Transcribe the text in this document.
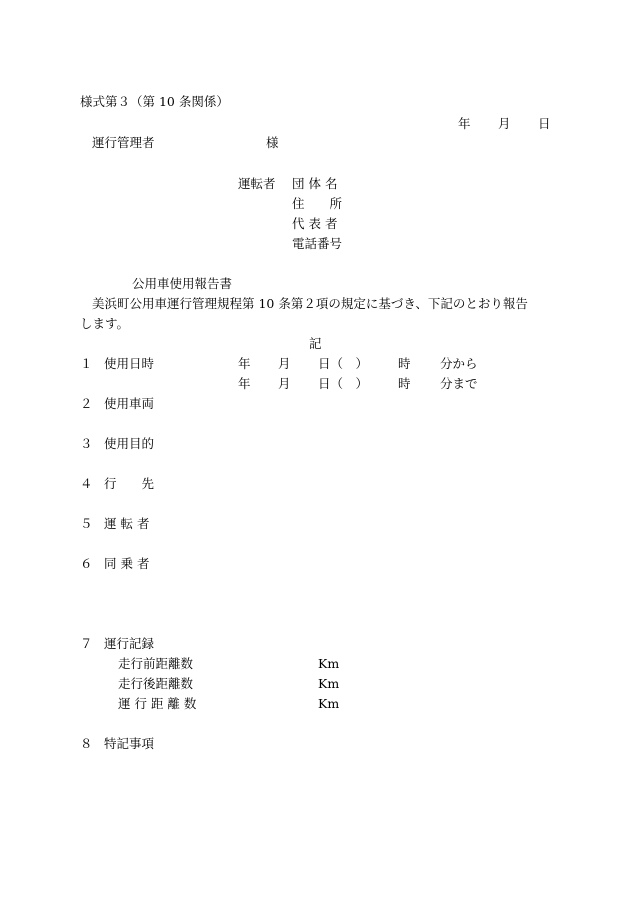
様式第３（第 10 条関係）
年 月 日
運行管理者	様
運転者 団 体 名
住　　所
代 表 者
電話番号
公用車使用報告書
美浜町公用車運行管理規程第 10 条第２項の規定に基づき、下記のとおり報告
します。
記
１ 使用日時	年 月 日（　） 時 分から
年 月 日（　） 時 分まで
２ 使用車両
３ 使用目的
４ 行　　先
５ 運 転 者
６ 同 乗 者
７ 運行記録
走行前距離数	Km
走行後距離数	Km
運 行 距 離 数	Km
８ 特記事項
